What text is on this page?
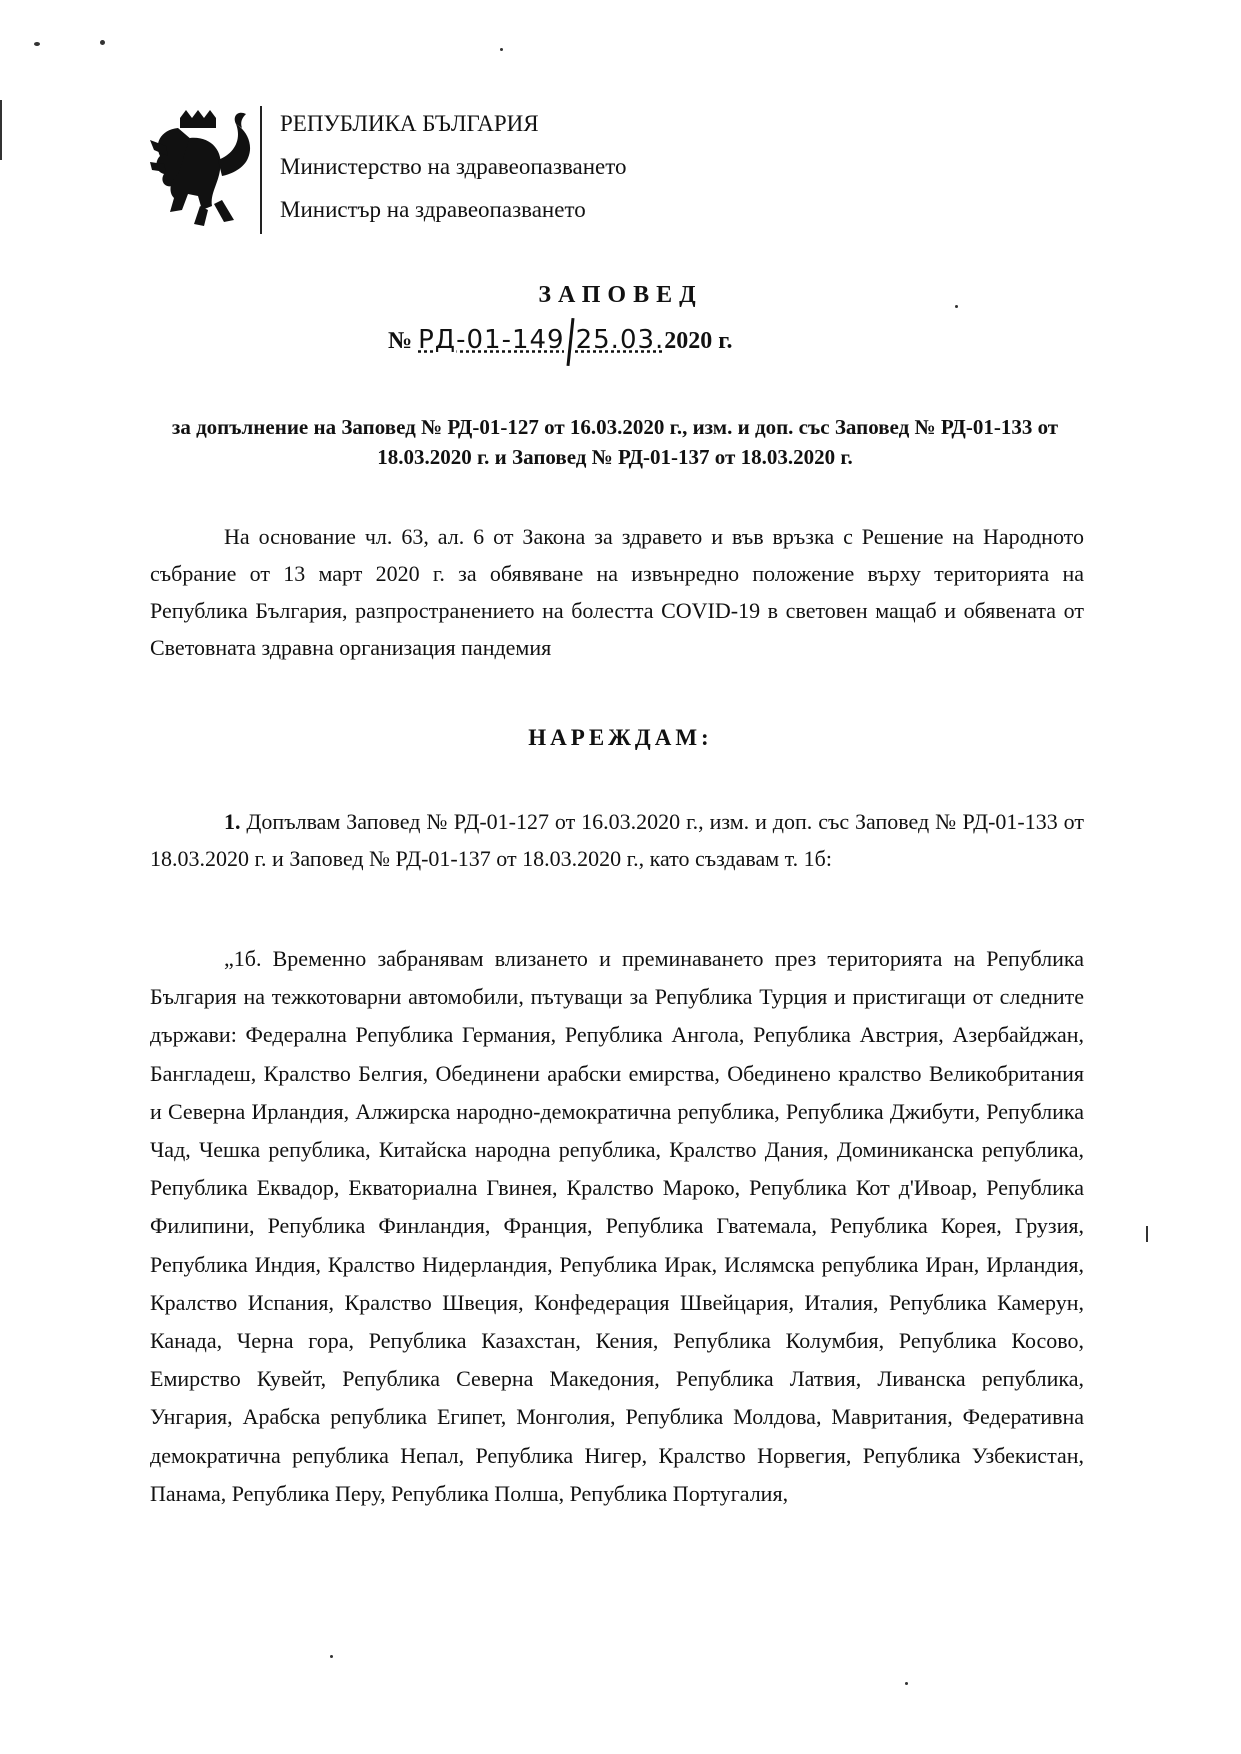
РЕПУБЛИКА БЪЛГАРИЯ
Министерство на здравеопазването
Министър на здравеопазването
ЗАПОВЕД
№ РД-01-149 25.03.2020 г.
за допълнение на Заповед № РД-01-127 от 16.03.2020 г., изм. и доп. със Заповед № РД-01-133 от 18.03.2020 г. и Заповед № РД-01-137 от 18.03.2020 г.
На основание чл. 63, ал. 6 от Закона за здравето и във връзка с Решение на Народното събрание от 13 март 2020 г. за обявяване на извънредно положение върху територията на Република България, разпространението на болестта COVID-19 в световен мащаб и обявената от Световната здравна организация пандемия
НАРЕЖДАМ:
1. Допълвам Заповед № РД-01-127 от 16.03.2020 г., изм. и доп. със Заповед № РД-01-133 от 18.03.2020 г. и Заповед № РД-01-137 от 18.03.2020 г., като създавам т. 1б:
„1б. Временно забранявам влизането и преминаването през територията на Република България на тежкотоварни автомобили, пътуващи за Република Турция и пристигащи от следните държави: Федерална Република Германия, Република Ангола, Република Австрия, Азербайджан, Бангладеш, Кралство Белгия, Обединени арабски емирства, Обединено кралство Великобритания и Северна Ирландия, Алжирска народно-демократична република, Република Джибути, Република Чад, Чешка република, Китайска народна република, Кралство Дания, Доминиканска република, Република Еквадор, Екваториална Гвинея, Кралство Мароко, Република Кот д'Ивоар, Република Филипини, Република Финландия, Франция, Република Гватемала, Република Корея, Грузия, Република Индия, Кралство Нидерландия, Република Ирак, Ислямска република Иран, Ирландия, Кралство Испания, Кралство Швеция, Конфедерация Швейцария, Италия, Република Камерун, Канада, Черна гора, Република Казахстан, Кения, Република Колумбия, Република Косово, Емирство Кувейт, Република Северна Македония, Република Латвия, Ливанска република, Унгария, Арабска република Египет, Монголия, Република Молдова, Мавритания, Федеративна демократична република Непал, Република Нигер, Кралство Норвегия, Република Узбекистан, Панама, Република Перу, Република Полша, Република Португалия,
